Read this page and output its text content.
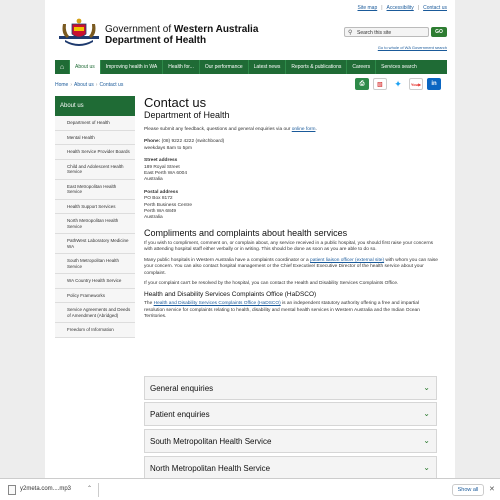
Site map | Accessibility | Contact us
Government of Western Australia
Department of Health
⚲ Search this site	GO
Go to whole of WA Government search
⌂	About us	Improving health in WA	Health for...	Our performance	Latest news	Reports & publications	Careers	Services search
Home › About us › Contact us	⎙	▧	✦	You▶	in
About us
Department of Health
Mental Health
Health Service Provider Boards
Child and Adolescent Health Service
East Metropolitan Health Service
Health Support Services
North Metropolitan Health Service
PathWest Laboratory Medicine WA
South Metropolitan Health Service
WA Country Health Service
Policy Frameworks
Service Agreements and Deeds of Amendment (Abridged)
Freedom of Information
Contact us
Department of Health
Please submit any feedback, questions and general enquiries via our online form.
Phone: (08) 9222 4222 (switchboard)
weekdays 8am to 5pm
Street address
189 Royal Street
East Perth WA 6004
Australia
Postal address
PO Box 8172
Perth Business Centre
Perth WA 6849
Australia
Compliments and complaints about health services
If you wish to compliment, comment on, or complain about, any service received in a public hospital, you should first raise your concerns with attending hospital staff either verbally or in writing. This should be done as soon as you are able to do so.
Many public hospitals in Western Australia have a complaints coordinator or a patient liaison officer (external site) with whom you can raise your concern. You can also contact hospital management or the Chief Executive/ Executive Director of the health service about your complaint.
If your complaint can't be resolved by the hospital, you can contact the Health and Disability Services Complaints Office.
Health and Disability Services Complaints Office (HaDSCO)
The Health and Disability Services Complaints Office (HaDSCO) is an independent statutory authority offering a free and impartial resolution service for complaints relating to health, disability and mental health services in Western Australia and the Indian Ocean Territories.
General enquiries	⌄
Patient enquiries	⌄
South Metropolitan Health Service	⌄
North Metropolitan Health Service	⌄
y2meta.com....mp3	⌃	Show all	✕
